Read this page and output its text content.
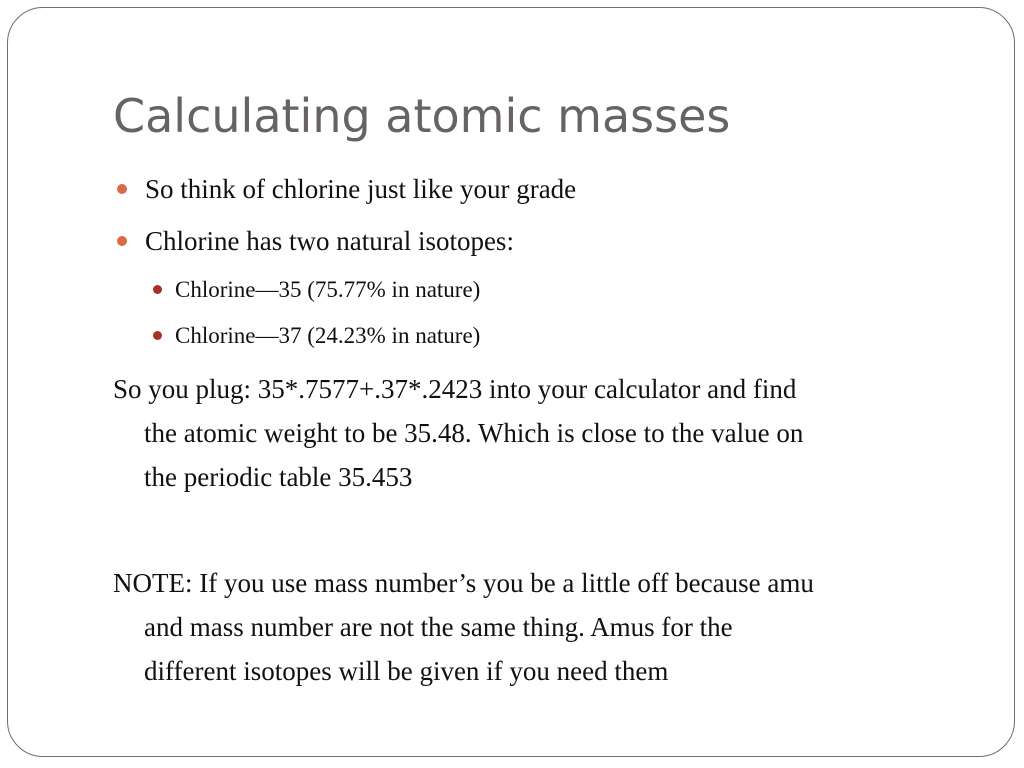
Calculating atomic masses
So think of chlorine just like your grade
Chlorine has two natural isotopes:
Chlorine—35 (75.77% in nature)
Chlorine—37 (24.23% in nature)
So you plug: 35*.7577+.37*.2423 into your calculator and find
the atomic weight to be 35.48. Which is close to the value on
the periodic table 35.453
NOTE: If you use mass number’s you be a little off because amu
and mass number are not the same thing. Amus for the
different isotopes will be given if you need them
